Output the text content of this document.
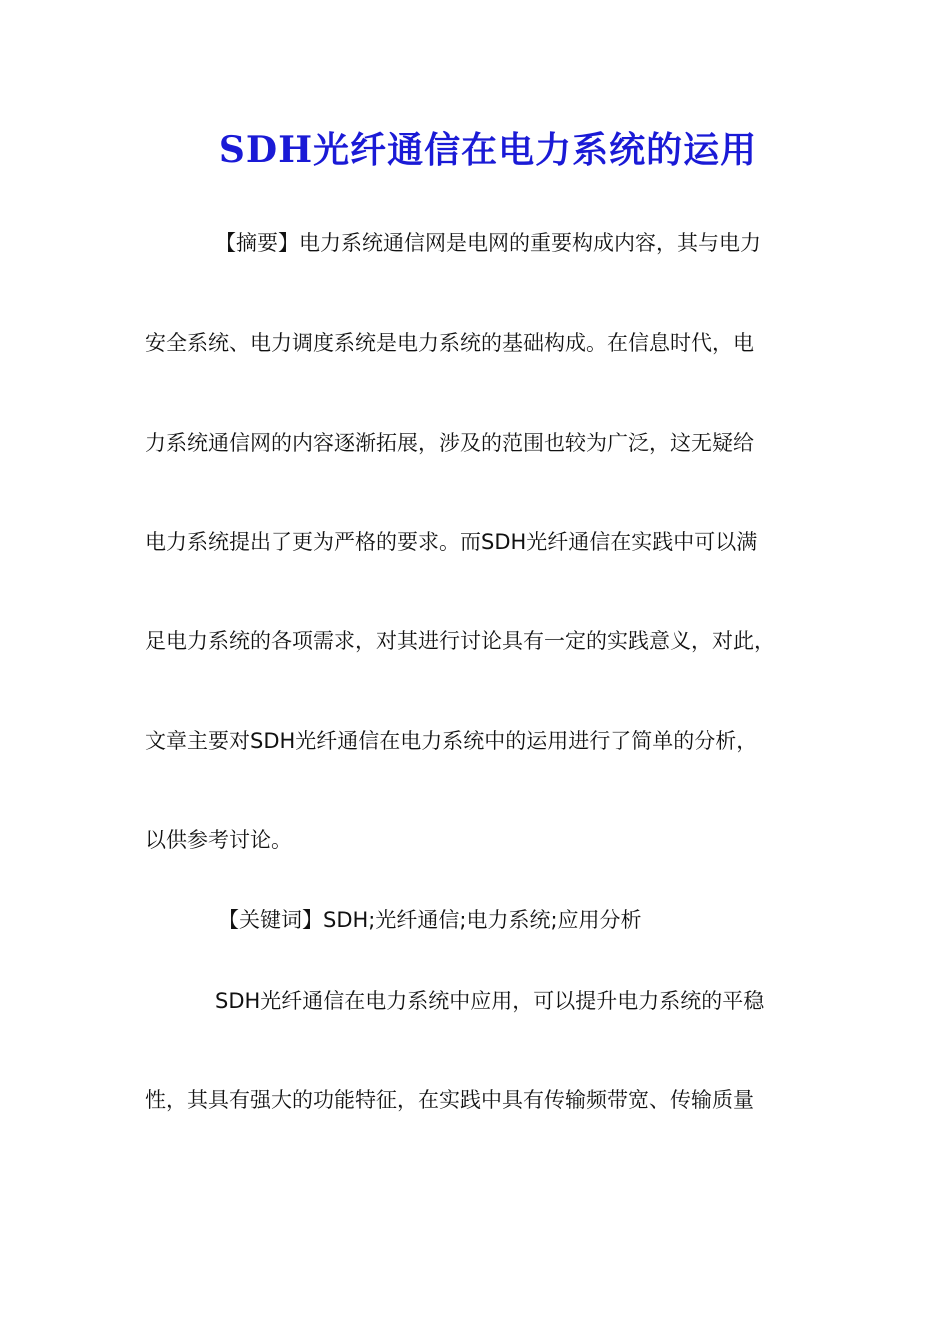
SDH光纤通信在电力系统的运用
【摘要】电力系统通信网是电网的重要构成内容，其与电力
安全系统、电力调度系统是电力系统的基础构成。在信息时代，电
力系统通信网的内容逐渐拓展，涉及的范围也较为广泛，这无疑给
电力系统提出了更为严格的要求。而SDH光纤通信在实践中可以满
足电力系统的各项需求，对其进行讨论具有一定的实践意义，对此，
文章主要对SDH光纤通信在电力系统中的运用进行了简单的分析，
以供参考讨论。
【关键词】SDH;光纤通信;电力系统;应用分析
SDH光纤通信在电力系统中应用，可以提升电力系统的平稳
性，其具有强大的功能特征，在实践中具有传输频带宽、传输质量
